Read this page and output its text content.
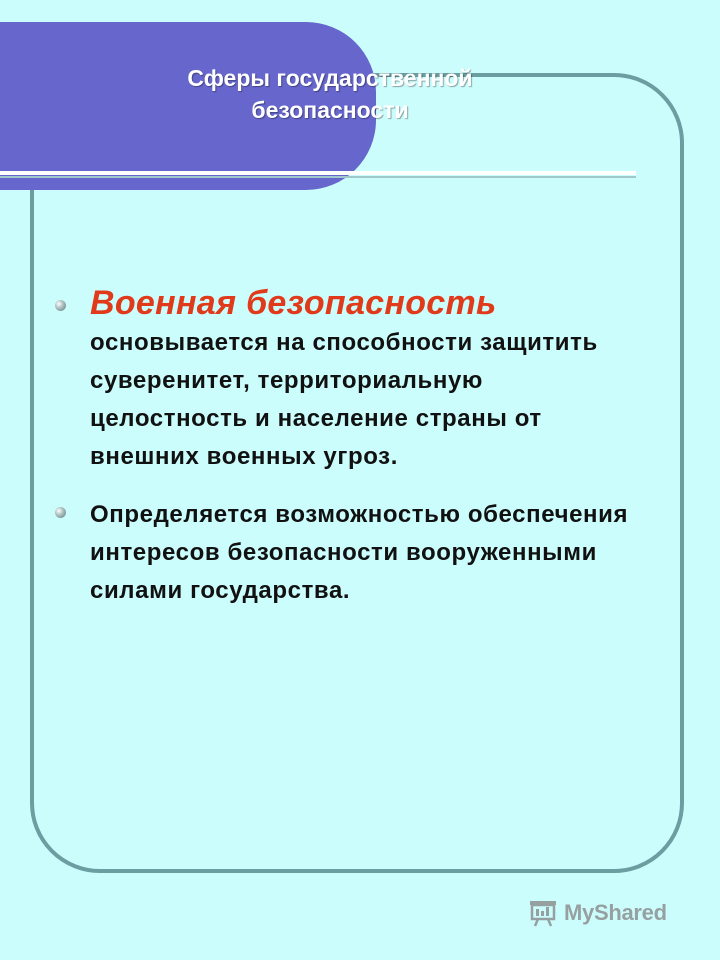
Сферы государственной
безопасности
Военная безопасность
основывается на способности защитить суверенитет, территориальную целостность и население страны от внешних военных угроз.
Определяется возможностью обеспечения интересов безопасности вооруженными силами государства.
MyShared
